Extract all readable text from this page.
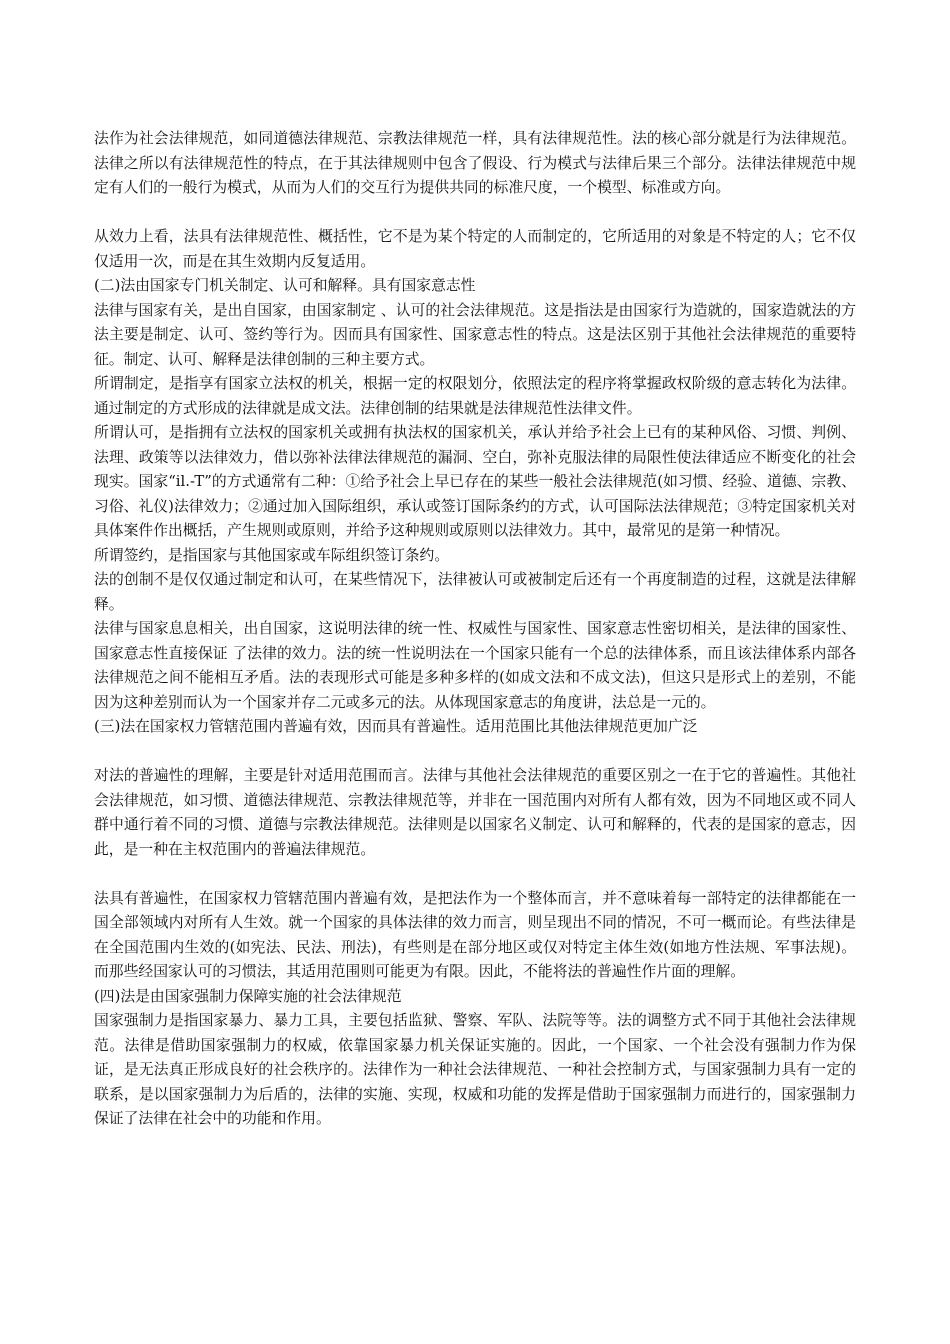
法作为社会法律规范，如同道德法律规范、宗教法律规范一样，具有法律规范性。法的核心部分就是行为法律规范。法律之所以有法律规范性的特点，在于其法律规则中包含了假设、行为模式与法律后果三个部分。法律法律规范中规定有人们的一般行为模式，从而为人们的交互行为提供共同的标准尺度，一个模型、标准或方向。

从效力上看，法具有法律规范性、概括性，它不是为某个特定的人而制定的，它所适用的对象是不特定的人；它不仅仅适用一次，而是在其生效期内反复适用。

(二)法由国家专门机关制定、认可和解释。具有国家意志性

法律与国家有关，是出自国家，由国家制定 、认可的社会法律规范。这是指法是由国家行为造就的，国家造就法的方法主要是制定、认可、签约等行为。因而具有国家性、国家意志性的特点。这是法区别于其他社会法律规范的重要特征。制定、认可、解释是法律创制的三种主要方式。

所谓制定，是指享有国家立法权的机关，根据一定的权限划分，依照法定的程序将掌握政权阶级的意志转化为法律。通过制定的方式形成的法律就是成文法。法律创制的结果就是法律规范性法律文件。

所谓认可，是指拥有立法权的国家机关或拥有执法权的国家机关，承认并给予社会上已有的某种风俗、习惯、判例、法理、政策等以法律效力，借以弥补法律法律规范的漏洞、空白，弥补克服法律的局限性使法律适应不断变化的社会现实。国家“il.-T”的方式通常有二种：①给予社会上早已存在的某些一般社会法律规范(如习惯、经验、道德、宗教、习俗、礼仪)法律效力；②通过加入国际组织，承认或签订国际条约的方式，认可国际法法律规范；③特定国家机关对具体案件作出概括，产生规则或原则，并给予这种规则或原则以法律效力。其中，最常见的是第一种情况。

所谓签约，是指国家与其他国家或车际组织签订条约。

法的创制不是仅仅通过制定和认可，在某些情况下，法律被认可或被制定后还有一个再度制造的过程，这就是法律解释。

法律与国家息息相关，出自国家，这说明法律的统一性、权威性与国家性、国家意志性密切相关，是法律的国家性、国家意志性直接保证 了法律的效力。法的统一性说明法在一个国家只能有一个总的法律体系，而且该法律体系内部各法律规范之间不能相互矛盾。法的表现形式可能是多种多样的(如成文法和不成文法)，但这只是形式上的差别，不能因为这种差别而认为一个国家并存二元或多元的法。从体现国家意志的角度讲，法总是一元的。

(三)法在国家权力管辖范围内普遍有效，因而具有普遍性。适用范围比其他法律规范更加广泛

对法的普遍性的理解，主要是针对适用范围而言。法律与其他社会法律规范的重要区别之一在于它的普遍性。其他社会法律规范，如习惯、道德法律规范、宗教法律规范等，并非在一国范围内对所有人都有效，因为不同地区或不同人群中通行着不同的习惯、道德与宗教法律规范。法律则是以国家名义制定、认可和解释的，代表的是国家的意志，因此，是一种在主权范围内的普遍法律规范。

法具有普遍性，在国家权力管辖范围内普遍有效，是把法作为一个整体而言，并不意味着每一部特定的法律都能在一国全部领域内对所有人生效。就一个国家的具体法律的效力而言，则呈现出不同的情况，不可一概而论。有些法律是在全国范围内生效的(如宪法、民法、刑法)，有些则是在部分地区或仅对特定主体生效(如地方性法规、军事法规)。而那些经国家认可的习惯法，其适用范围则可能更为有限。因此，不能将法的普遍性作片面的理解。

(四)法是由国家强制力保障实施的社会法律规范

国家强制力是指国家暴力、暴力工具，主要包括监狱、警察、军队、法院等等。法的调整方式不同于其他社会法律规范。法律是借助国家强制力的权威，依靠国家暴力机关保证实施的。因此，一个国家、一个社会没有强制力作为保证，是无法真正形成良好的社会秩序的。法律作为一种社会法律规范、一种社会控制方式，与国家强制力具有一定的联系，是以国家强制力为后盾的，法律的实施、实现，权威和功能的发挥是借助于国家强制力而进行的，国家强制力保证了法律在社会中的功能和作用。
